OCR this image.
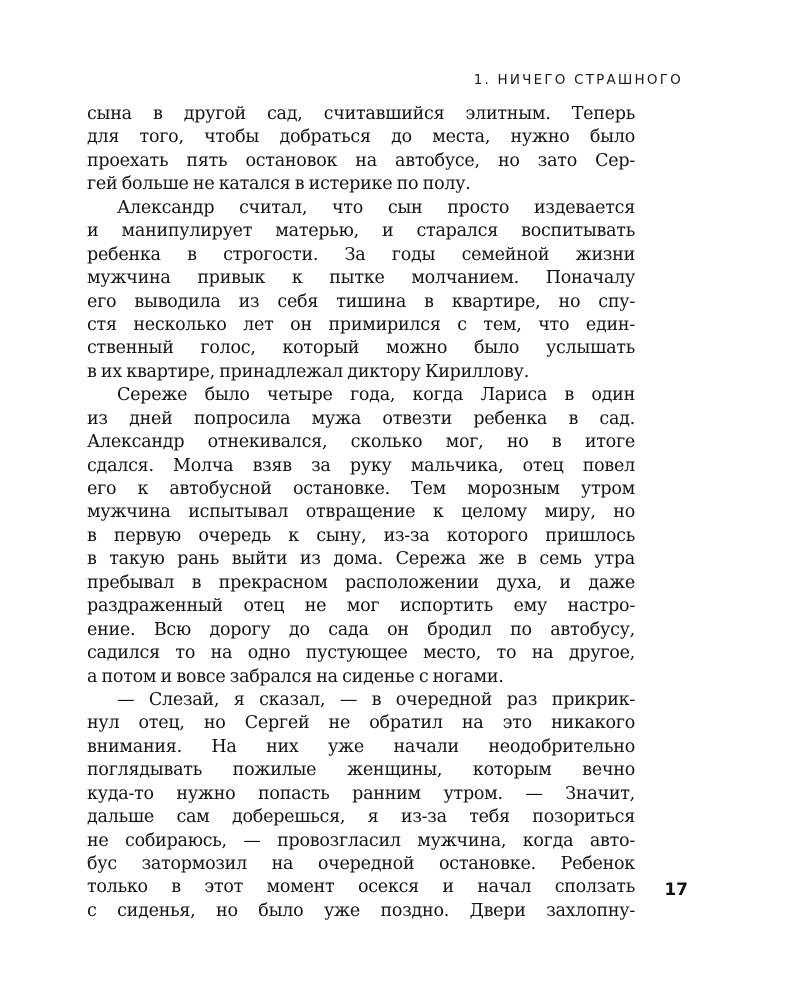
1. НИЧЕГО СТРАШНОГО
сына в другой сад, считавшийся элитным. Теперь
для того, чтобы добраться до места, нужно было
проехать пять остановок на автобусе, но зато Сер-
гей больше не катался в истерике по полу.
Александр считал, что сын просто издевается
и манипулирует матерью, и старался воспитывать
ребенка в строгости. За годы семейной жизни
мужчина привык к пытке молчанием. Поначалу
его выводила из себя тишина в квартире, но спу-
стя несколько лет он примирился с тем, что един-
ственный голос, который можно было услышать
в их квартире, принадлежал диктору Кириллову.
Сереже было четыре года, когда Лариса в один
из дней попросила мужа отвезти ребенка в сад.
Александр отнекивался, сколько мог, но в итоге
сдался. Молча взяв за руку мальчика, отец повел
его к автобусной остановке. Тем морозным утром
мужчина испытывал отвращение к целому миру, но
в первую очередь к сыну, из-за которого пришлось
в такую рань выйти из дома. Сережа же в семь утра
пребывал в прекрасном расположении духа, и даже
раздраженный отец не мог испортить ему настро-
ение. Всю дорогу до сада он бродил по автобусу,
садился то на одно пустующее место, то на другое,
а потом и вовсе забрался на сиденье с ногами.
— Слезай, я сказал, — в очередной раз прикрик-
нул отец, но Сергей не обратил на это никакого
внимания. На них уже начали неодобрительно
поглядывать пожилые женщины, которым вечно
куда-то нужно попасть ранним утром. — Значит,
дальше сам доберешься, я из-за тебя позориться
не собираюсь, — провозгласил мужчина, когда авто-
бус затормозил на очередной остановке. Ребенок
только в этот момент осекся и начал сползать
с сиденья, но было уже поздно. Двери захлопну-
17
